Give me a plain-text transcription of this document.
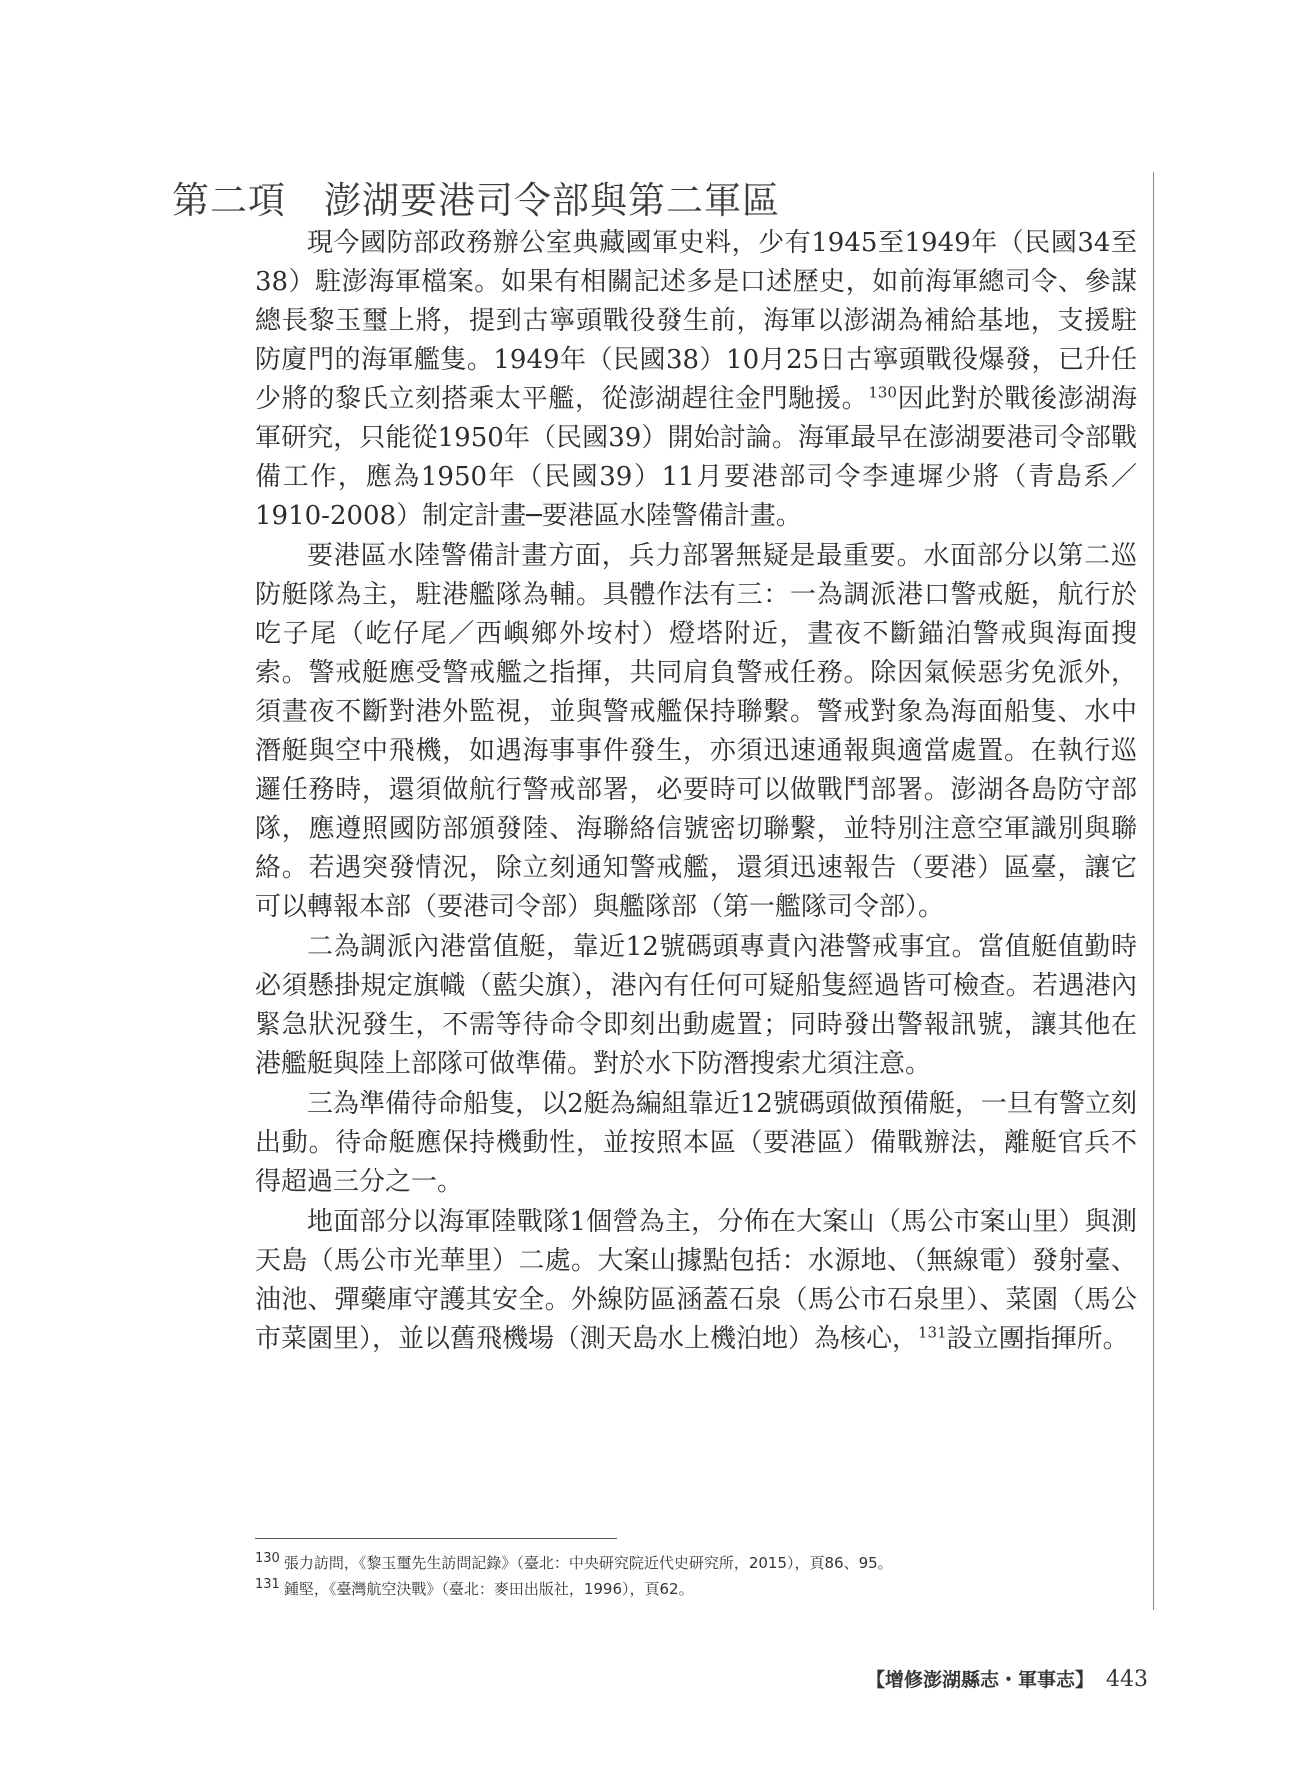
第二項 澎湖要港司令部與第二軍區

現今國防部政務辦公室典藏國軍史料，少有1945至1949年（民國34至38）駐澎海軍檔案。如果有相關記述多是口述歷史，如前海軍總司令、參謀總長黎玉璽上將，提到古寧頭戰役發生前，海軍以澎湖為補給基地，支援駐防廈門的海軍艦隻。1949年（民國38）10月25日古寧頭戰役爆發，已升任少將的黎氏立刻搭乘太平艦，從澎湖趕往金門馳援。$^{130}$因此對於戰後澎湖海軍研究，只能從1950年（民國39）開始討論。海軍最早在澎湖要港司令部戰備工作，應為1950年（民國39）11月要港部司令李連墀少將（青島系／1910-2008）制定計畫─要港區水陸警備計畫。

要港區水陸警備計畫方面，兵力部署無疑是最重要。水面部分以第二巡防艇隊為主，駐港艦隊為輔。具體作法有三：一為調派港口警戒艇，航行於吃子尾（屹仔尾／西嶼鄉外垵村）燈塔附近，晝夜不斷錨泊警戒與海面搜索。警戒艇應受警戒艦之指揮，共同肩負警戒任務。除因氣候惡劣免派外，須晝夜不斷對港外監視，並與警戒艦保持聯繫。警戒對象為海面船隻、水中潛艇與空中飛機，如遇海事事件發生，亦須迅速通報與適當處置。在執行巡邏任務時，還須做航行警戒部署，必要時可以做戰鬥部署。澎湖各島防守部隊，應遵照國防部頒發陸、海聯絡信號密切聯繫，並特別注意空軍識別與聯絡。若遇突發情況，除立刻通知警戒艦，還須迅速報告（要港）區臺，讓它可以轉報本部（要港司令部）與艦隊部（第一艦隊司令部）。

二為調派內港當值艇，靠近12號碼頭專責內港警戒事宜。當值艇值勤時必須懸掛規定旗幟（藍尖旗），港內有任何可疑船隻經過皆可檢查。若遇港內緊急狀況發生，不需等待命令即刻出動處置；同時發出警報訊號，讓其他在港艦艇與陸上部隊可做準備。對於水下防潛搜索尤須注意。

三為準備待命船隻，以2艇為編組靠近12號碼頭做預備艇，一旦有警立刻出動。待命艇應保持機動性，並按照本區（要港區）備戰辦法，離艇官兵不得超過三分之一。

地面部分以海軍陸戰隊1個營為主，分佈在大案山（馬公市案山里）與測天島（馬公市光華里）二處。大案山據點包括：水源地、（無線電）發射臺、油池、彈藥庫守護其安全。外線防區涵蓋石泉（馬公市石泉里）、菜園（馬公市菜園里），並以舊飛機場（測天島水上機泊地）為核心，$^{131}$設立團指揮所。

130 張力訪問，《黎玉璽先生訪問記錄》（臺北：中央研究院近代史研究所，2015），頁86、95。
131 鍾堅，《臺灣航空決戰》（臺北：麥田出版社，1996），頁62。
【增修澎湖縣志・軍事志】 443
